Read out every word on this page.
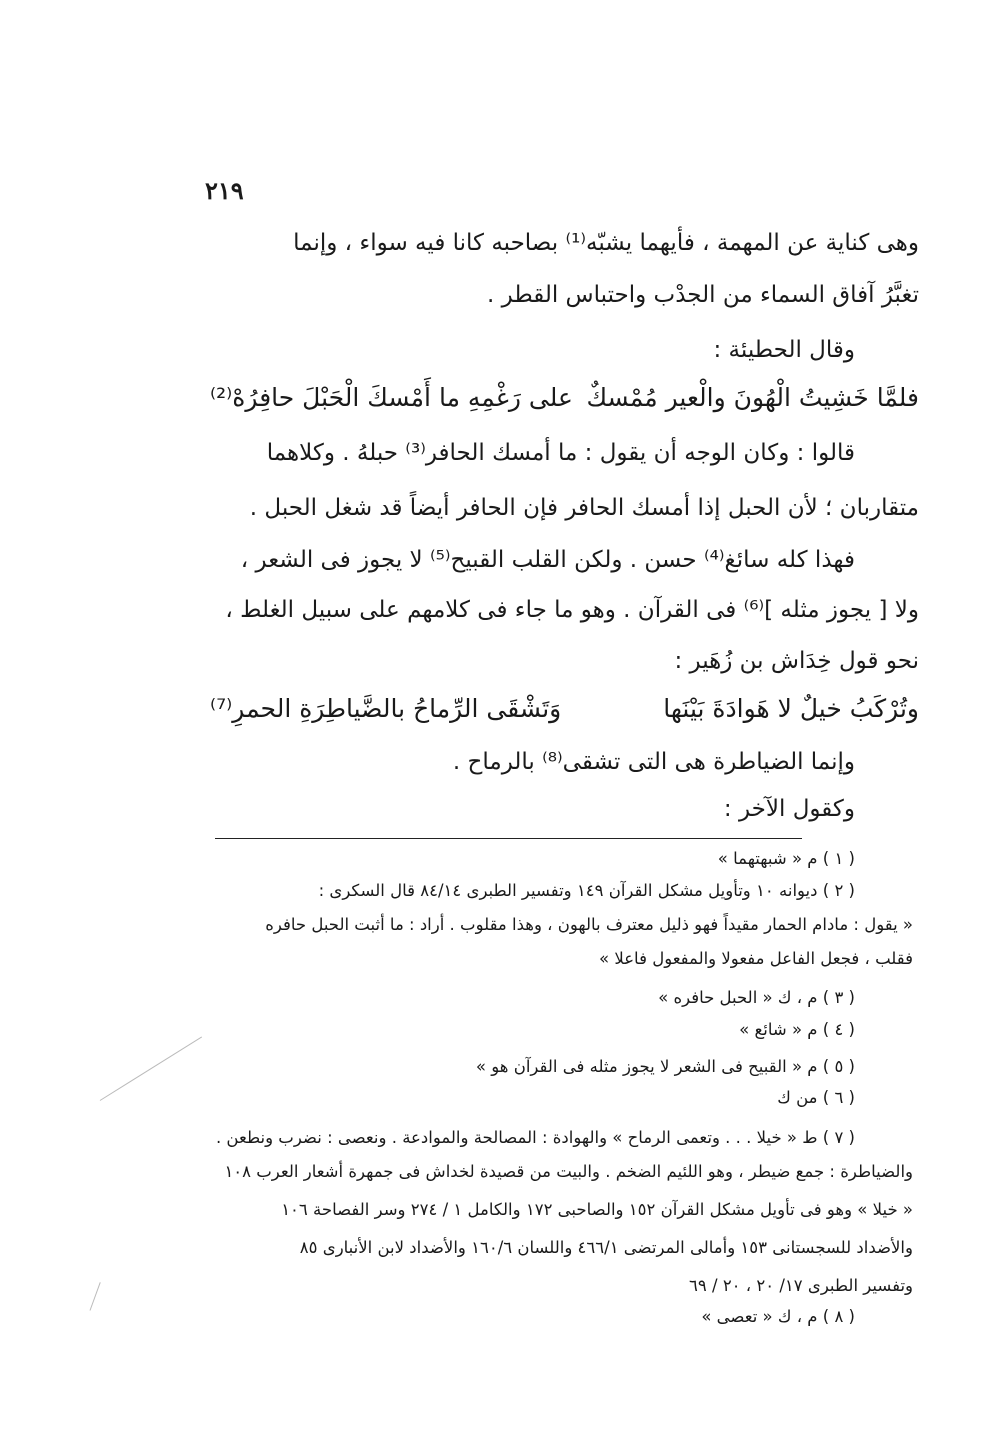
٢١٩
وهى كناية عن المهمة ، فأيهما يشبّه⁽¹⁾ بصاحبه كانا فيه سواء ، وإنما
تغبَّرُ آفاق السماء من الجدْب واحتباس القطر .
وقال الحطيئة :
فلمَّا خَشِيتُ الْهُونَ والْعير مُمْسكٌ
على رَغْمِهِ ما أَمْسكَ الْحَبْلَ حافِرُهْ⁽²⁾
قالوا : وكان الوجه أن يقول : ما أمسك الحافر⁽³⁾ حبلهُ . وكلاهما
متقاربان ؛ لأن الحبل إذا أمسك الحافر فإن الحافر أيضاً قد شغل الحبل .
فهذا كله سائغ⁽⁴⁾ حسن . ولكن القلب القبيح⁽⁵⁾ لا يجوز فى الشعر ،
ولا [ يجوز مثله ]⁽⁶⁾ فى القرآن . وهو ما جاء فى كلامهم على سبيل الغلط ،
نحو قول خِدَاش بن زُهَير :
وتُرْكَبُ خيلٌ لا هَوادَةَ بَيْنَها
وَتَشْقَى الرِّماحُ بالضَّياطِرَةِ الحمرِ⁽⁷⁾
وإنما الضياطرة هى التى تشقى⁽⁸⁾ بالرماح .
وكقول الآخر :
( ١ ) م « شبهتهما »
( ٢ ) ديوانه ١٠ وتأويل مشكل القرآن ١٤٩ وتفسير الطبرى ٨٤/١٤ قال السكرى :
« يقول : مادام الحمار مقيداً فهو ذليل معترف بالهون ، وهذا مقلوب . أراد : ما أثبت الحبل حافره
فقلب ، فجعل الفاعل مفعولا والمفعول فاعلا »
( ٣ ) م ، ك « الحبل حافره »
( ٤ ) م « شائع »
( ٥ ) م « القبيح فى الشعر لا يجوز مثله فى القرآن هو »
( ٦ ) من ك
( ٧ ) ط « خيلا . . . وتعمى الرماح » والهوادة : المصالحة والموادعة . ونعصى : نضرب ونطعن .
والضياطرة : جمع ضيطر ، وهو اللئيم الضخم . والبيت من قصيدة لخداش فى جمهرة أشعار العرب ١٠٨
« خيلا » وهو فى تأويل مشكل القرآن ١٥٢ والصاحبى ١٧٢ والكامل ١ / ٢٧٤ وسر الفصاحة ١٠٦
والأضداد للسجستانى ١٥٣ وأمالى المرتضى ٤٦٦/١ واللسان ١٦٠/٦ والأضداد لابن الأنبارى ٨٥
وتفسير الطبرى ١٧/ ٢٠ ، ٢٠ / ٦٩
( ٨ ) م ، ك « تعصى »
